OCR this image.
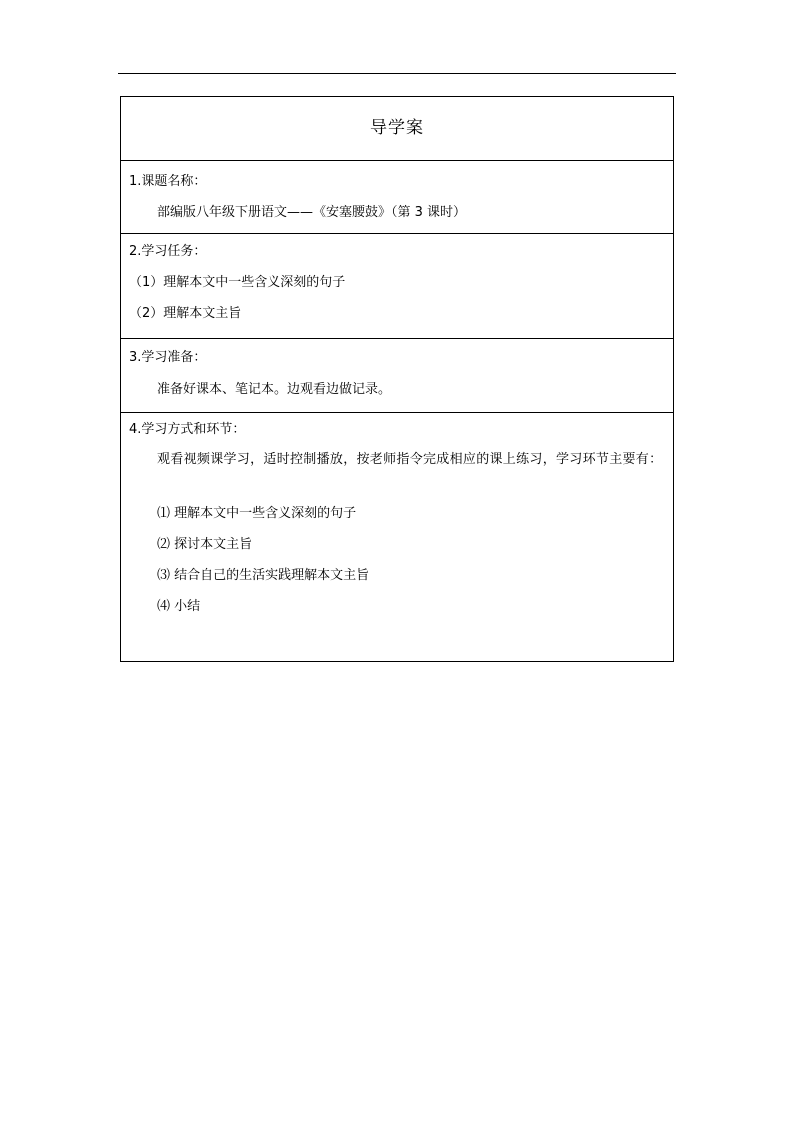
导学案
1.课题名称：
部编版八年级下册语文——《安塞腰鼓》（第 3 课时）
2.学习任务：
（1）理解本文中一些含义深刻的句子
（2）理解本文主旨
3.学习准备：
准备好课本、笔记本。边观看边做记录。
4.学习方式和环节：
观看视频课学习，适时控制播放，按老师指令完成相应的课上练习，学习环节主要有：
⑴ 理解本文中一些含义深刻的句子
⑵ 探讨本文主旨
⑶ 结合自己的生活实践理解本文主旨
⑷ 小结
